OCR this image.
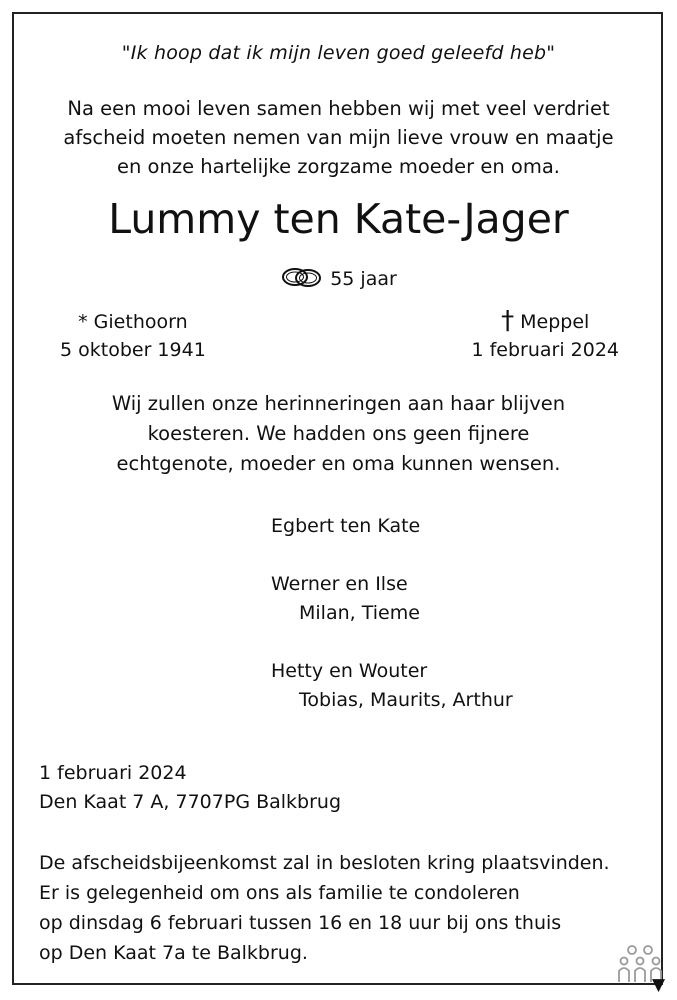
"Ik hoop dat ik mijn leven goed geleefd heb"
Na een mooi leven samen hebben wij met veel verdriet
afscheid moeten nemen van mijn lieve vrouw en maatje
en onze hartelijke zorgzame moeder en oma.
Lummy ten Kate-Jager
55 jaar
* Giethoorn
5 oktober 1941
† Meppel
1 februari 2024
Wij zullen onze herinneringen aan haar blijven
koesteren. We hadden ons geen fijnere
echtgenote, moeder en oma kunnen wensen.
Egbert ten Kate
Werner en Ilse
Milan, Tieme
Hetty en Wouter
Tobias, Maurits, Arthur
1 februari 2024
Den Kaat 7 A, 7707PG Balkbrug
De afscheidsbijeenkomst zal in besloten kring plaatsvinden.
Er is gelegenheid om ons als familie te condoleren
op dinsdag 6 februari tussen 16 en 18 uur bij ons thuis
op Den Kaat 7a te Balkbrug.
▼
